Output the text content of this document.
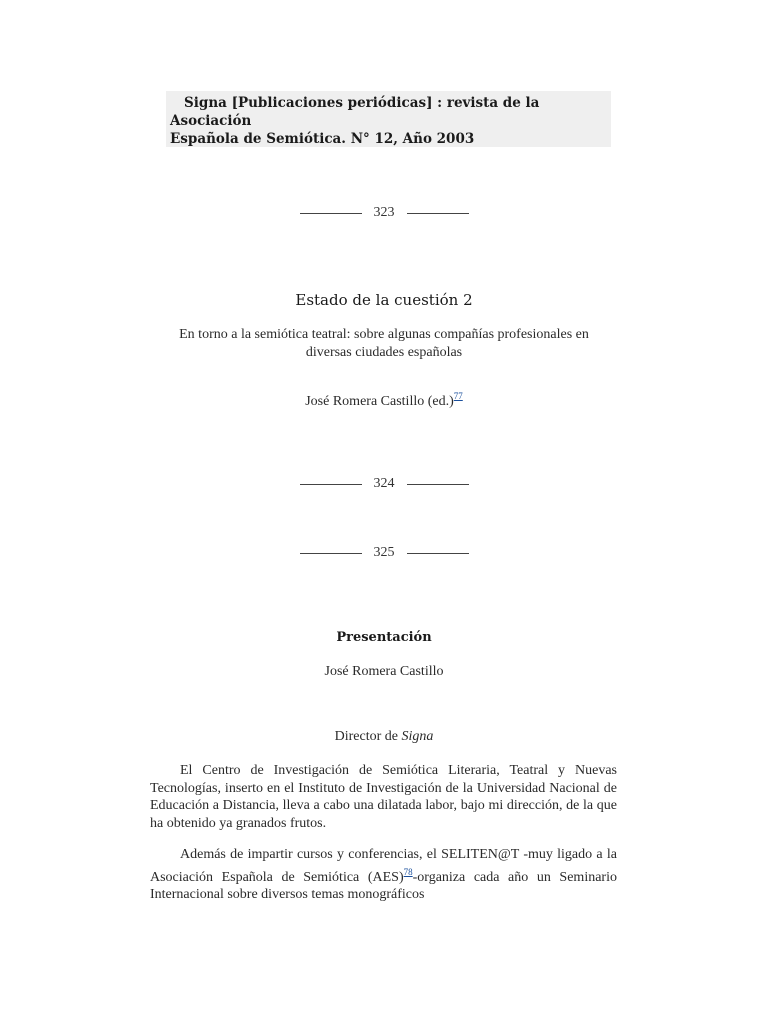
Signa [Publicaciones periódicas] : revista de la Asociación
Española de Semiótica. N° 12, Año 2003
323
Estado de la cuestión 2
En torno a la semiótica teatral: sobre algunas compañías profesionales en
diversas ciudades españolas
José Romera Castillo (ed.)$^{77}$
324
325
Presentación
José Romera Castillo
Director de Signa
El Centro de Investigación de Semiótica Literaria, Teatral y Nuevas Tecnologías, inserto en el Instituto de Investigación de la Universidad Nacional de Educación a Distancia, lleva a cabo una dilatada labor, bajo mi dirección, de la que ha obtenido ya granados frutos.
Además de impartir cursos y conferencias, el SELITEN@T -muy ligado a la Asociación Española de Semiótica (AES)$^{78}$-organiza cada año un Seminario Internacional sobre diversos temas monográficos
